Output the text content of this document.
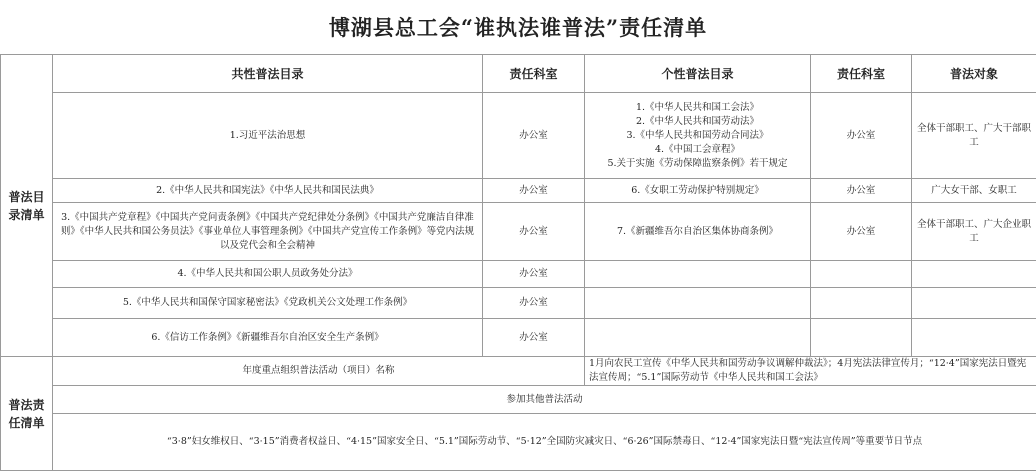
博湖县总工会“谁执法谁普法”责任清单
普法目录清单	共性普法目录	责任科室	个性普法目录	责任科室	普法对象
	1.习近平法治思想	办公室	1.《中华人民共和国工会法》
2.《中华人民共和国劳动法》
3.《中华人民共和国劳动合同法》
4.《中国工会章程》
5.关于实施《劳动保障监察条例》若干规定	办公室	全体干部职工、广大干部职工
	2.《中华人民共和国宪法》《中华人民共和国民法典》	办公室	6.《女职工劳动保护特别规定》	办公室	广大女干部、女职工
	3.《中国共产党章程》《中国共产党问责条例》《中国共产党纪律处分条例》《中国共产党廉洁自律准则》《中华人民共和国公务员法》《事业单位人事管理条例》《中国共产党宣传工作条例》等党内法规以及党代会和全会精神	办公室	7.《新疆维吾尔自治区集体协商条例》	办公室	全体干部职工、广大企业职工
	4.《中华人民共和国公职人员政务处分法》	办公室			
	5.《中华人民共和国保守国家秘密法》《党政机关公文处理工作条例》	办公室			
	6.《信访工作条例》《新疆维吾尔自治区安全生产条例》	办公室			
普法责任清单	年度重点组织普法活动（项目）名称		1月向农民工宣传《中华人民共和国劳动争议调解仲裁法》；4月宪法法律宣传月；“12·4”国家宪法日暨宪法宣传周；“5.1”国际劳动节《中华人民共和国工会法》		
	参加其他普法活动				
	“3·8”妇女维权日、“3·15”消费者权益日、“4·15”国家安全日、“5.1”国际劳动节、“5·12”全国防灾减灾日、“6·26”国际禁毒日、“12·4”国家宪法日暨“宪法宣传周”等重要节日节点				
